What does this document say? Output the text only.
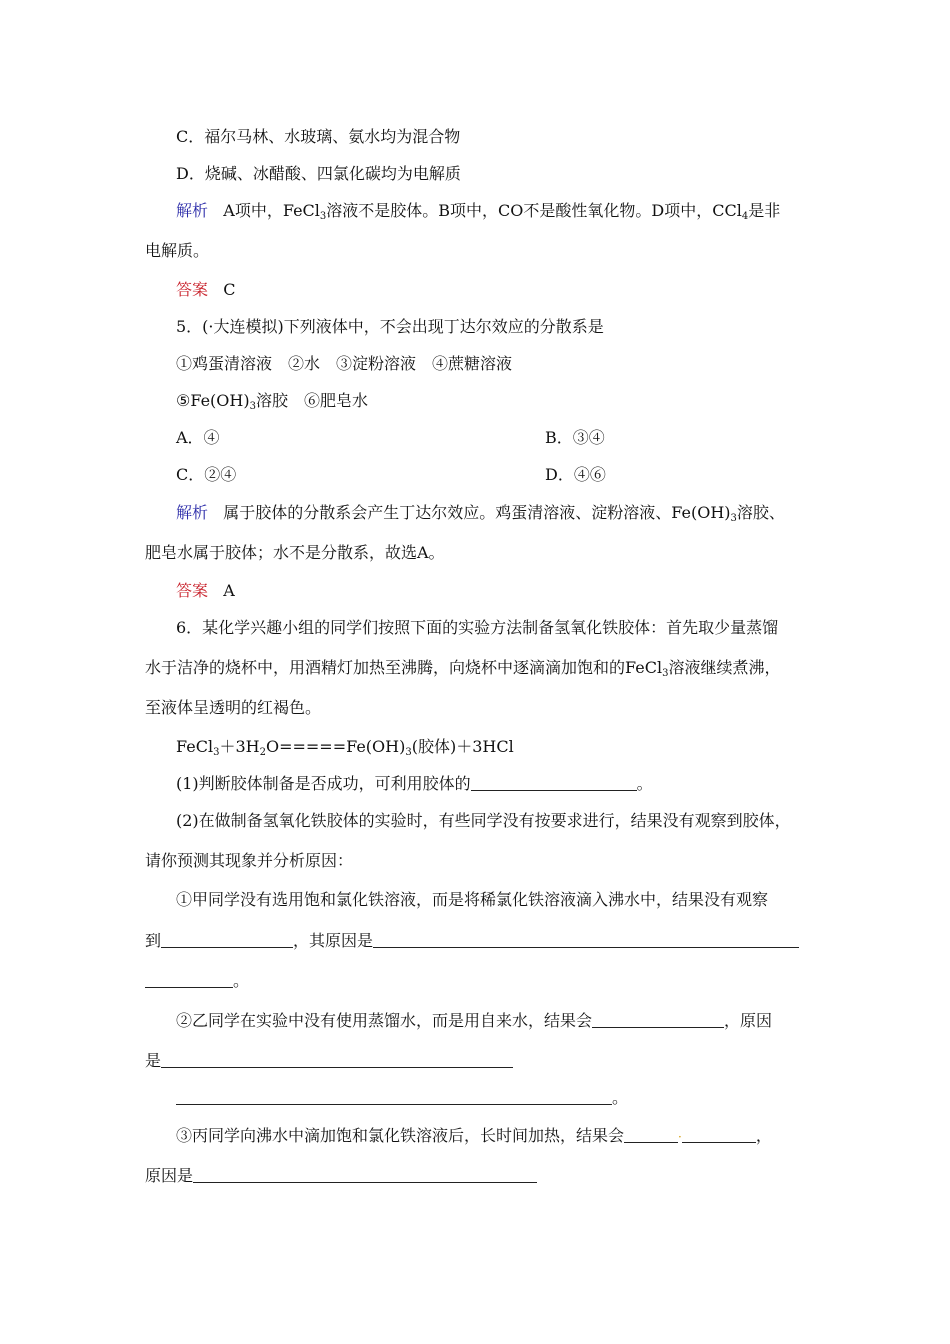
C．福尔马林、水玻璃、氨水均为混合物
D．烧碱、冰醋酸、四氯化碳均为电解质
解析 A项中，FeCl$_3$溶液不是胶体。B项中，CO不是酸性氧化物。D项中，CCl$_4$是非
电解质。
答案 C
5．(·大连模拟)下列液体中，不会出现丁达尔效应的分散系是
①鸡蛋清溶液　②水　③淀粉溶液　④蔗糖溶液
$⑤Fe(OH)_3$溶胶　⑥肥皂水
A．④	B．③④
C．②④	D．④⑥
解析 属于胶体的分散系会产生丁达尔效应。鸡蛋清溶液、淀粉溶液、$Fe(OH)_3$溶胶、
肥皂水属于胶体；水不是分散系，故选A。
答案 A
6．某化学兴趣小组的同学们按照下面的实验方法制备氢氧化铁胶体：首先取少量蒸馏
水于洁净的烧杯中，用酒精灯加热至沸腾，向烧杯中逐滴滴加饱和的FeCl$_3$溶液继续煮沸，
至液体呈透明的红褐色。
$FeCl_3+3H_2O=====Fe(OH)_3$(胶体)＋3HCl
(1)判断胶体制备是否成功，可利用胶体的	。
(2)在做制备氢氧化铁胶体的实验时，有些同学没有按要求进行，结果没有观察到胶体，
请你预测其现象并分析原因：
①甲同学没有选用饱和氯化铁溶液，而是将稀氯化铁溶液滴入沸水中，结果没有观察
到	，其原因是
。
②乙同学在实验中没有使用蒸馏水，而是用自来水，结果会	，原因
是
。
③丙同学向沸水中滴加饱和氯化铁溶液后，长时间加热，结果会	·	，
原因是
